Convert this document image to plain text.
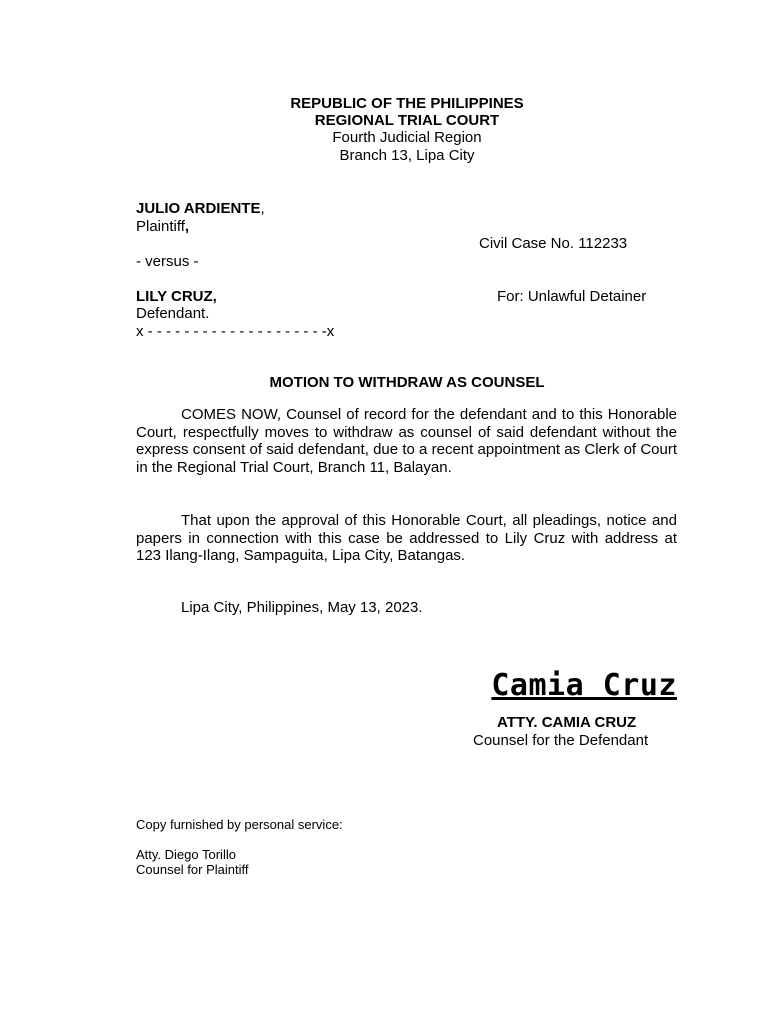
REPUBLIC OF THE PHILIPPINES
REGIONAL TRIAL COURT
Fourth Judicial Region
Branch 13, Lipa City
JULIO ARDIENTE,
Plaintiff,
Civil Case No. 112233
- versus -
LILY CRUZ,	For: Unlawful Detainer
Defendant.
x - - - - - - - - - - - - - - - - - - - -x
MOTION TO WITHDRAW AS COUNSEL
COMES NOW, Counsel of record for the defendant and to this Honorable Court, respectfully moves to withdraw as counsel of said defendant without the express consent of said defendant, due to a recent appointment as Clerk of Court in the Regional Trial Court, Branch 11, Balayan.
That upon the approval of this Honorable Court, all pleadings, notice and papers in connection with this case be addressed to Lily Cruz with address at 123 Ilang-Ilang, Sampaguita, Lipa City, Batangas.
Lipa City, Philippines, May 13, 2023.
Camia Cruz
ATTY. CAMIA CRUZ
Counsel for the Defendant
Copy furnished by personal service:
Atty. Diego Torillo
Counsel for Plaintiff
